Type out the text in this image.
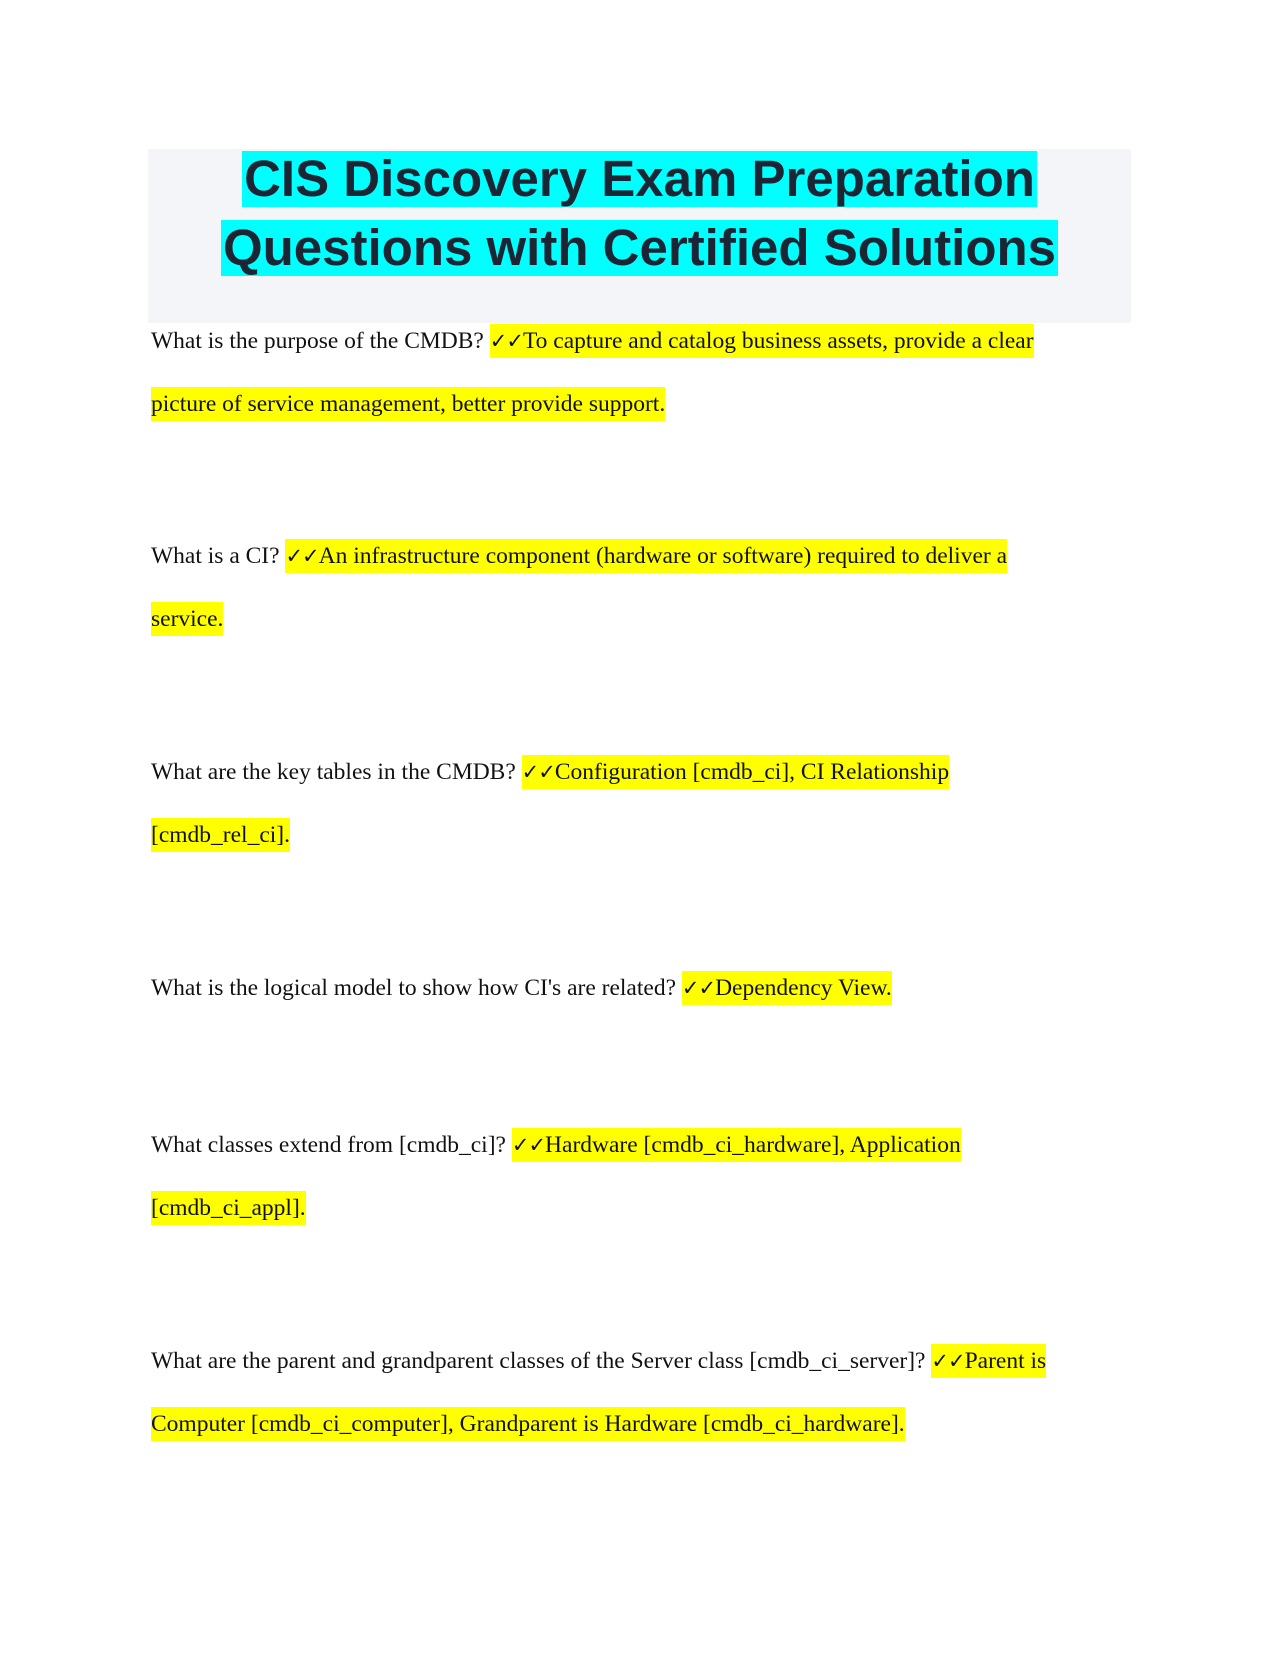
CIS Discovery Exam Preparation
Questions with Certified Solutions

What is the purpose of the CMDB? ✓✓To capture and catalog business assets, provide a clear
picture of service management, better provide support.

What is a CI? ✓✓An infrastructure component (hardware or software) required to deliver a
service.

What are the key tables in the CMDB? ✓✓Configuration [cmdb_ci], CI Relationship
[cmdb_rel_ci].

What is the logical model to show how CI's are related? ✓✓Dependency View.

What classes extend from [cmdb_ci]? ✓✓Hardware [cmdb_ci_hardware], Application
[cmdb_ci_appl].

What are the parent and grandparent classes of the Server class [cmdb_ci_server]? ✓✓Parent is
Computer [cmdb_ci_computer], Grandparent is Hardware [cmdb_ci_hardware].
